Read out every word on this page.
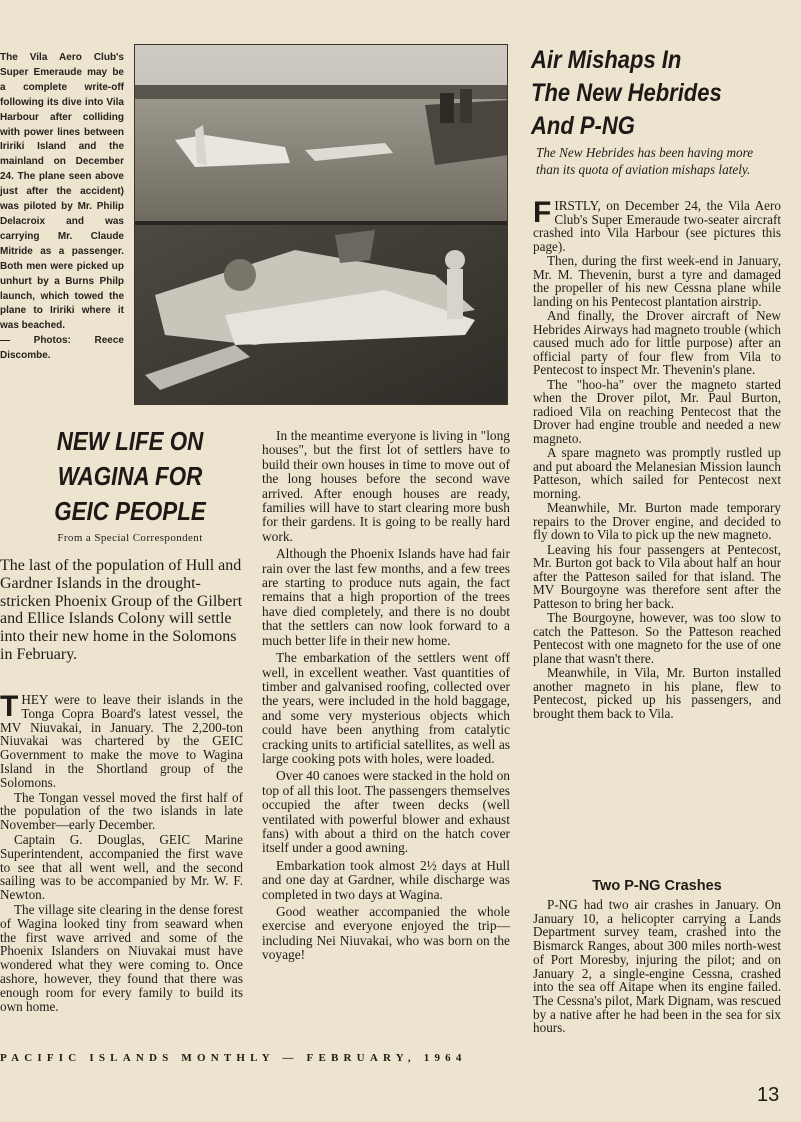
The Vila Aero Club's Super Emeraude may be a complete write-off following its dive into Vila Harbour after colliding with power lines between Iririki Island and the mainland on December 24. The plane seen above just after the accident) was piloted by Mr. Philip Delacroix and was carrying Mr. Claude Mitride as a passenger. Both men were picked up unhurt by a Burns Philp launch, which towed the plane to Iririki where it was beached.
— Photos: Reece Discombe.
Air Mishaps In
The New Hebrides
And P-NG
The New Hebrides has been having more than its quota of aviation mishaps lately.

FIRSTLY, on December 24, the Vila Aero Club's Super Emeraude two-seater aircraft crashed into Vila Harbour (see pictures this page).

Then, during the first week-end in January, Mr. M. Thevenin, burst a tyre and damaged the propeller of his new Cessna plane while landing on his Pentecost plantation airstrip.

And finally, the Drover aircraft of New Hebrides Airways had magneto trouble (which caused much ado for little purpose) after an official party of four flew from Vila to Pentecost to inspect Mr. Thevenin's plane.

The "hoo-ha" over the magneto started when the Drover pilot, Mr. Paul Burton, radioed Vila on reaching Pentecost that the Drover had engine trouble and needed a new magneto.

A spare magneto was promptly rustled up and put aboard the Melanesian Mission launch Patteson, which sailed for Pentecost next morning.

Meanwhile, Mr. Burton made temporary repairs to the Drover engine, and decided to fly down to Vila to pick up the new magneto.

Leaving his four passengers at Pentecost, Mr. Burton got back to Vila about half an hour after the Patteson sailed for that island. The MV Bourgoyne was therefore sent after the Patteson to bring her back.

The Bourgoyne, however, was too slow to catch the Patteson. So the Patteson reached Pentecost with one magneto for the use of one plane that wasn't there.

Meanwhile, in Vila, Mr. Burton installed another magneto in his plane, flew to Pentecost, picked up his passengers, and brought them back to Vila.

Two P-NG Crashes

P-NG had two air crashes in January. On January 10, a helicopter carrying a Lands Department survey team, crashed into the Bismarck Ranges, about 300 miles north-west of Port Moresby, injuring the pilot; and on January 2, a single-engine Cessna, crashed into the sea off Aitape when its engine failed. The Cessna's pilot, Mark Dignam, was rescued by a native after he had been in the sea for six hours.

NEW LIFE ON
WAGINA FOR
GEIC PEOPLE
From a Special Correspondent
The last of the population of Hull and Gardner Islands in the drought-stricken Phoenix Group of the Gilbert and Ellice Islands Colony will settle into their new home in the Solomons in February.

THEY were to leave their islands in the Tonga Copra Board's latest vessel, the MV Niuvakai, in January. The 2,200-ton Niuvakai was chartered by the GEIC Government to make the move to Wagina Island in the Shortland group of the Solomons.

The Tongan vessel moved the first half of the population of the two islands in late November—early December.

Captain G. Douglas, GEIC Marine Superintendent, accompanied the first wave to see that all went well, and the second sailing was to be accompanied by Mr. W. F. Newton.

The village site clearing in the dense forest of Wagina looked tiny from seaward when the first wave arrived and some of the Phoenix Islanders on Niuvakai must have wondered what they were coming to. Once ashore, however, they found that there was enough room for every family to build its own home.

In the meantime everyone is living in "long houses", but the first lot of settlers have to build their own houses in time to move out of the long houses before the second wave arrived. After enough houses are ready, families will have to start clearing more bush for their gardens. It is going to be really hard work.

Although the Phoenix Islands have had fair rain over the last few months, and a few trees are starting to produce nuts again, the fact remains that a high proportion of the trees have died completely, and there is no doubt that the settlers can now look forward to a much better life in their new home.

The embarkation of the settlers went off well, in excellent weather. Vast quantities of timber and galvanised roofing, collected over the years, were included in the hold baggage, and some very mysterious objects which could have been anything from catalytic cracking units to artificial satellites, as well as large cooking pots with holes, were loaded.

Over 40 canoes were stacked in the hold on top of all this loot. The passengers themselves occupied the after tween decks (well ventilated with powerful blower and exhaust fans) with about a third on the hatch cover itself under a good awning.

Embarkation took almost 2½ days at Hull and one day at Gardner, while discharge was completed in two days at Wagina.

Good weather accompanied the whole exercise and everyone enjoyed the trip—including Nei Niuvakai, who was born on the voyage!

PACIFIC ISLANDS MONTHLY — FEBRUARY, 1964
13
